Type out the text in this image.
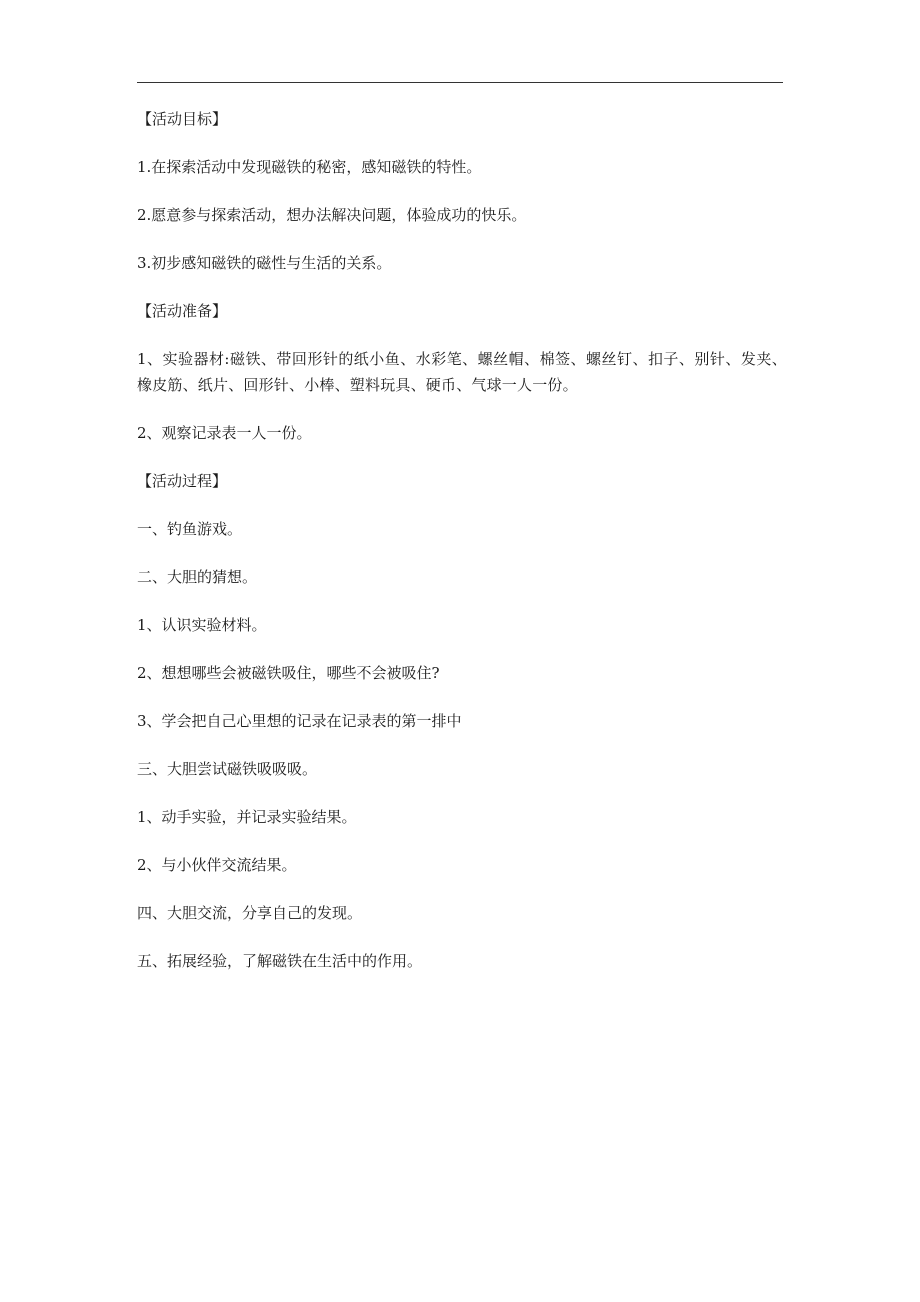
【活动目标】

1.在探索活动中发现磁铁的秘密，感知磁铁的特性。

2.愿意参与探索活动，想办法解决问题，体验成功的快乐。

3.初步感知磁铁的磁性与生活的关系。

【活动准备】

1、实验器材:磁铁、带回形针的纸小鱼、水彩笔、螺丝帽、棉签、螺丝钉、扣子、别针、发夹、橡皮筋、纸片、回形针、小棒、塑料玩具、硬币、气球一人一份。

2、观察记录表一人一份。

【活动过程】

一、钓鱼游戏。

二、大胆的猜想。

1、认识实验材料。

2、想想哪些会被磁铁吸住，哪些不会被吸住?

3、学会把自己心里想的记录在记录表的第一排中

三、大胆尝试磁铁吸吸吸。

1、动手实验，并记录实验结果。

2、与小伙伴交流结果。

四、大胆交流，分享自己的发现。

五、拓展经验，了解磁铁在生活中的作用。
